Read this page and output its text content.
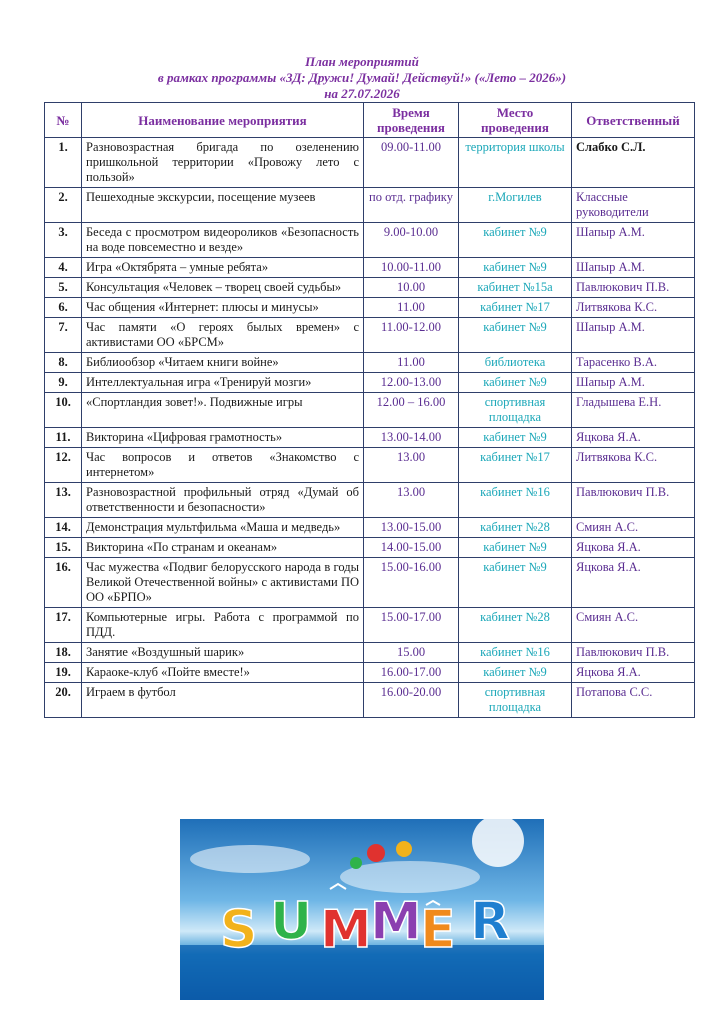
План мероприятий
в рамках программы «3Д: Дружи! Думай! Действуй!» («Лето – 2026»)
на 27.07.2026
№	Наименование мероприятия	Время проведения	Место проведения	Ответственный
1.	Разновозрастная бригада по озеленению пришкольной территории «Провожу лето с пользой»	09.00-11.00	территория школы	Слабко С.Л.
2.	Пешеходные экскурсии, посещение музеев	по отд. графику	г.Могилев	Классные руководители
3.	Беседа с просмотром видеороликов «Безопасность на воде повсеместно и везде»	9.00-10.00	кабинет №9	Шапыр А.М.
4.	Игра «Октябрята – умные ребята»	10.00-11.00	кабинет №9	Шапыр А.М.
5.	Консультация «Человек – творец своей судьбы»	10.00	кабинет №15а	Павлюкович П.В.
6.	Час общения «Интернет: плюсы и минусы»	11.00	кабинет №17	Литвякова К.С.
7.	Час памяти «О героях былых времен» с активистами ОО «БРСМ»	11.00-12.00	кабинет №9	Шапыр А.М.
8.	Библиообзор «Читаем книги войне»	11.00	библиотека	Тарасенко В.А.
9.	Интеллектуальная игра «Тренируй мозги»	12.00-13.00	кабинет №9	Шапыр А.М.
10.	«Спортландия зовет!». Подвижные игры	12.00 – 16.00	спортивная площадка	Гладышева Е.Н.
11.	Викторина «Цифровая грамотность»	13.00-14.00	кабинет №9	Яцкова Я.А.
12.	Час вопросов и ответов «Знакомство с интернетом»	13.00	кабинет №17	Литвякова К.С.
13.	Разновозрастной профильный отряд «Думай об ответственности и безопасности»	13.00	кабинет №16	Павлюкович П.В.
14.	Демонстрация мультфильма «Маша и медведь»	13.00-15.00	кабинет №28	Смиян А.С.
15.	Викторина «По странам и океанам»	14.00-15.00	кабинет №9	Яцкова Я.А.
16.	Час мужества «Подвиг белорусского народа в годы Великой Отечественной войны» с активистами ПО ОО «БРПО»	15.00-16.00	кабинет №9	Яцкова Я.А.
17.	Компьютерные игры. Работа с программой по ПДД.	15.00-17.00	кабинет №28	Смиян А.С.
18.	Занятие «Воздушный шарик»	15.00	кабинет №16	Павлюкович П.В.
19.	Караоке-клуб «Пойте вместе!»	16.00-17.00	кабинет №9	Яцкова Я.А.
20.	Играем в футбол	16.00-20.00	спортивная площадка	Потапова С.С.
S U M
M
E R
